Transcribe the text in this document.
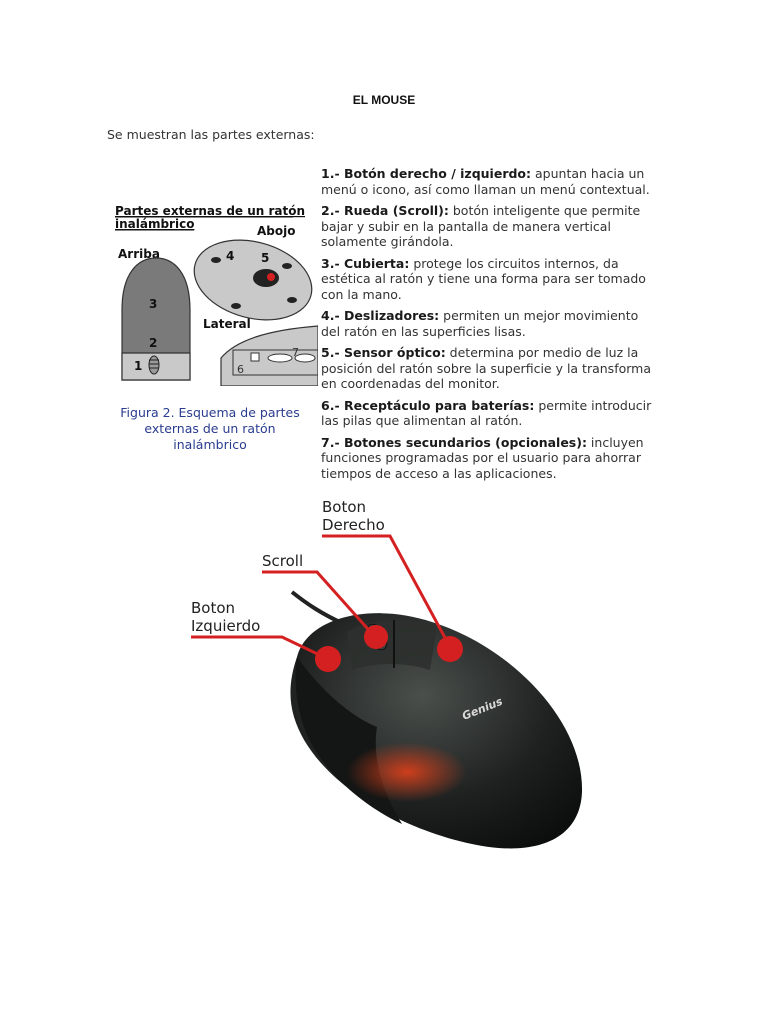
EL MOUSE
Se muestran las partes externas:
Partes externas de un ratón
inalámbrico
Arriba
3
2
1
Abojo
4 5
Lateral
6
7
Figura 2. Esquema de partes externas de un ratón inalámbrico
1.- Botón derecho / izquierdo: apuntan hacia un menú o icono, así como llaman un menú contextual.
2.- Rueda (Scroll): botón inteligente que permite bajar y subir en la pantalla de manera vertical solamente girándola.
3.- Cubierta: protege los circuitos internos, da estética al ratón y tiene una forma para ser tomado con la mano.
4.- Deslizadores: permiten un mejor movimiento del ratón en las superficies lisas.
5.- Sensor óptico: determina por medio de luz la posición del ratón sobre la superficie y la transforma en coordenadas del monitor.
6.- Receptáculo para baterías: permite introducir las pilas que alimentan al ratón.
7.- Botones secundarios (opcionales): incluyen funciones programadas por el usuario para ahorrar tiempos de acceso a las aplicaciones.
Genius
Boton
Derecho
Scroll
Boton
Izquierdo
